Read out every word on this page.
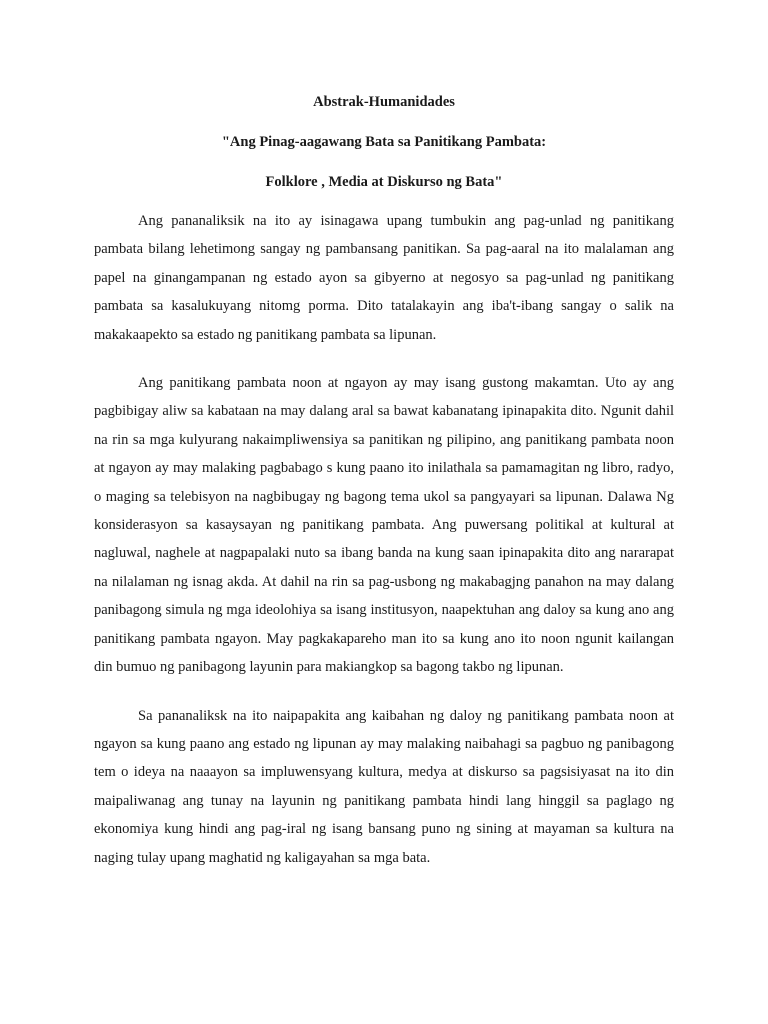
Abstrak-Humanidades

"Ang Pinag-aagawang Bata sa Panitikang Pambata:

Folklore , Media at Diskurso ng Bata"

Ang pananaliksik na ito ay isinagawa upang tumbukin ang pag-unlad ng panitikang pambata bilang lehetimong sangay ng pambansang panitikan. Sa pag-aaral na ito malalaman ang papel na ginangampanan ng estado ayon sa gibyerno at negosyo sa pag-unlad ng panitikang pambata sa kasalukuyang nitomg porma. Dito tatalakayin ang iba't-ibang sangay o salik na makakaapekto sa estado ng panitikang pambata sa lipunan.

Ang panitikang pambata noon at ngayon ay may isang gustong makamtan. Uto ay ang pagbibigay aliw sa kabataan na may dalang aral sa bawat kabanatang ipinapakita dito. Ngunit dahil na rin sa mga kulyurang nakaimpliwensiya sa panitikan ng pilipino, ang panitikang pambata noon at ngayon ay may malaking pagbabago s kung paano ito inilathala sa pamamagitan ng libro, radyo, o maging sa telebisyon na nagbibugay ng bagong tema ukol sa pangyayari sa lipunan. Dalawa Ng konsiderasyon sa kasaysayan ng panitikang pambata. Ang puwersang politikal at kultural at nagluwal, naghele at nagpapalaki nuto sa ibang banda na kung saan ipinapakita dito ang nararapat na nilalaman ng isnag akda. At dahil na rin sa pag-usbong ng makabagjng panahon na may dalang panibagong simula ng mga ideolohiya sa isang institusyon, naapektuhan ang daloy sa kung ano ang panitikang pambata ngayon. May pagkakapareho man ito sa kung ano ito noon ngunit kailangan din bumuo ng panibagong layunin para makiangkop sa bagong takbo ng lipunan.

Sa pananaliksk na ito naipapakita ang kaibahan ng daloy ng panitikang pambata noon at ngayon sa kung paano ang estado ng lipunan ay may malaking naibahagi sa pagbuo ng panibagong tem o ideya na naaayon sa impluwensyang kultura, medya at diskurso sa pagsisiyasat na ito din maipaliwanag ang tunay na layunin ng panitikang pambata hindi lang hinggil sa paglago ng ekonomiya kung hindi ang pag-iral ng isang bansang puno ng sining at mayaman sa kultura na naging tulay upang maghatid ng kaligayahan sa mga bata.
